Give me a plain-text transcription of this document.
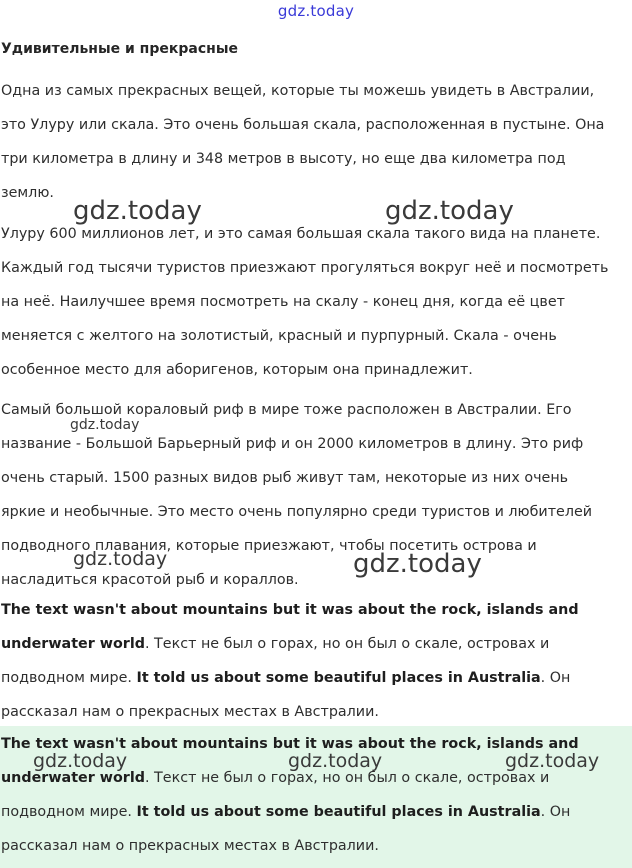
gdz.today
Удивительные и прекрасные

Одна из самых прекрасных вещей, которые ты можешь увидеть в Австралии,
это Улуру или скала. Это очень большая скала, расположенная в пустыне. Она
три километра в длину и 348 метров в высоту, но еще два километра под
землю.

Улуру 600 миллионов лет, и это самая большая скала такого вида на планете.
Каждый год тысячи туристов приезжают прогуляться вокруг неё и посмотреть
на неё. Наилучшее время посмотреть на скалу - конец дня, когда её цвет
меняется с желтого на золотистый, красный и пурпурный. Скала - очень
особенное место для аборигенов, которым она принадлежит.

Самый большой кораловый риф в мире тоже расположен в Австралии. Его
название - Большой Барьерный риф и он 2000 километров в длину. Это риф
очень старый. 1500 разных видов рыб живут там, некоторые из них очень
яркие и необычные. Это место очень популярно среди туристов и любителей
подводного плавания, которые приезжают, чтобы посетить острова и
насладиться красотой рыб и кораллов.

The text wasn't about mountains but it was about the rock, islands and
underwater world. Текст не был о горах, но он был о скале, островах и
подводном мире. It told us about some beautiful places in Australia. Он
рассказал нам о прекрасных местах в Австралии.

The text wasn't about mountains but it was about the rock, islands and
underwater world. Текст не был о горах, но он был о скале, островах и
подводном мире. It told us about some beautiful places in Australia. Он
рассказал нам о прекрасных местах в Австралии.

gdz.today	gdz.today
gdz.today
gdz.today	gdz.today
gdz.today	gdz.today	gdz.today
